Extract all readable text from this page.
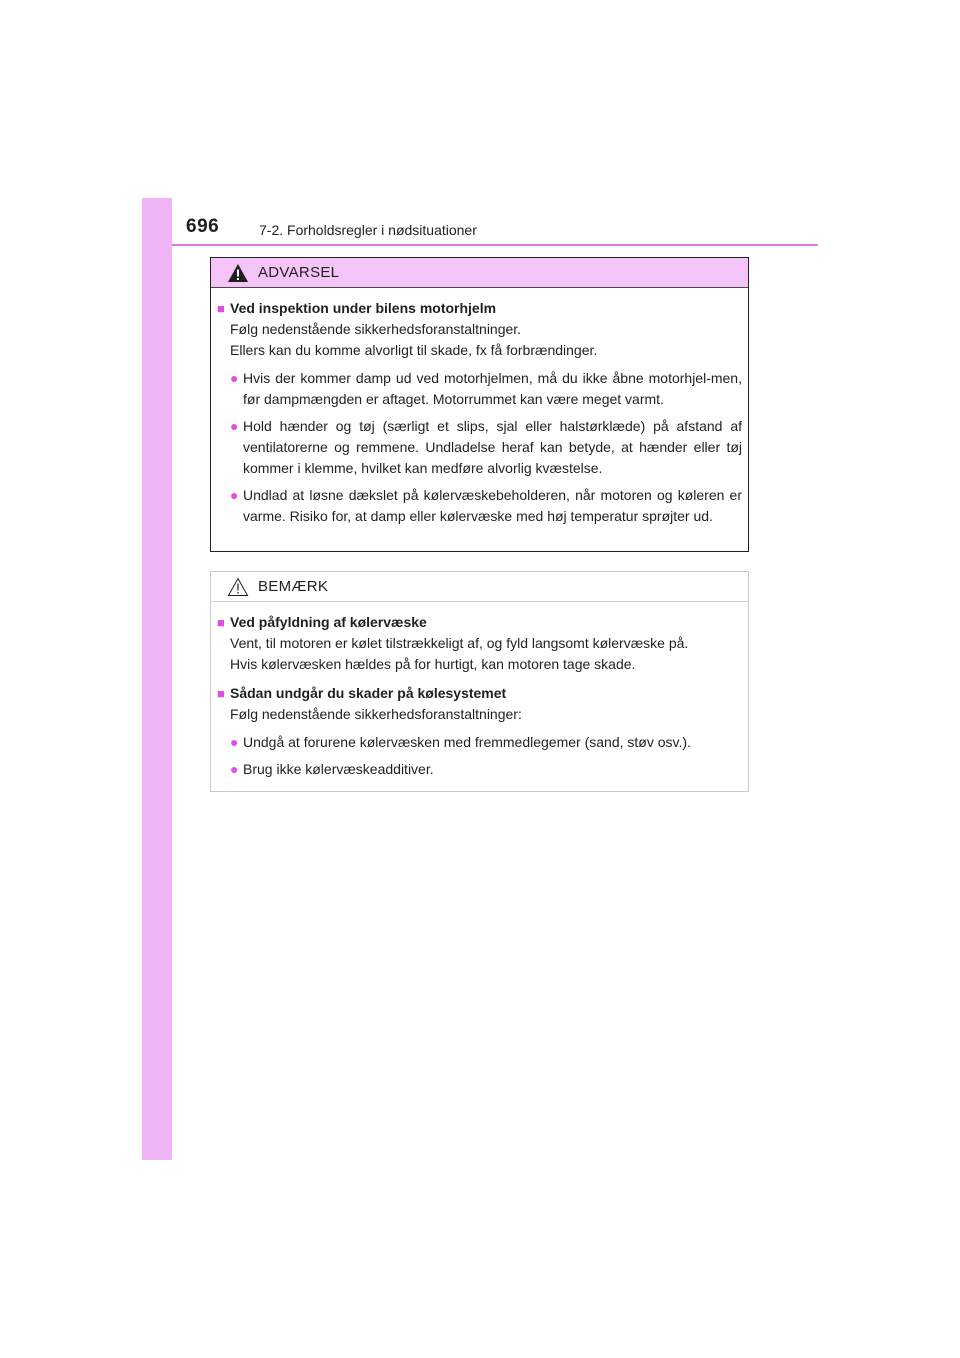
696	7-2. Forholdsregler i nødsituationer
ADVARSEL
■ Ved inspektion under bilens motorhjelm
Følg nedenstående sikkerhedsforanstaltninger.
Ellers kan du komme alvorligt til skade, fx få forbrændinger.
● Hvis der kommer damp ud ved motorhjelmen, må du ikke åbne motorhjel-men, før dampmængden er aftaget. Motorrummet kan være meget varmt.
● Hold hænder og tøj (særligt et slips, sjal eller halstørklæde) på afstand af ventilatorerne og remmene. Undladelse heraf kan betyde, at hænder eller tøj kommer i klemme, hvilket kan medføre alvorlig kvæstelse.
● Undlad at løsne dækslet på kølervæskebeholderen, når motoren og køleren er varme. Risiko for, at damp eller kølervæske med høj temperatur sprøjter ud.
BEMÆRK
■ Ved påfyldning af kølervæske
Vent, til motoren er kølet tilstrækkeligt af, og fyld langsomt kølervæske på.
Hvis kølervæsken hældes på for hurtigt, kan motoren tage skade.
■ Sådan undgår du skader på kølesystemet
Følg nedenstående sikkerhedsforanstaltninger:
● Undgå at forurene kølervæsken med fremmedlegemer (sand, støv osv.).
● Brug ikke kølervæskeadditiver.
